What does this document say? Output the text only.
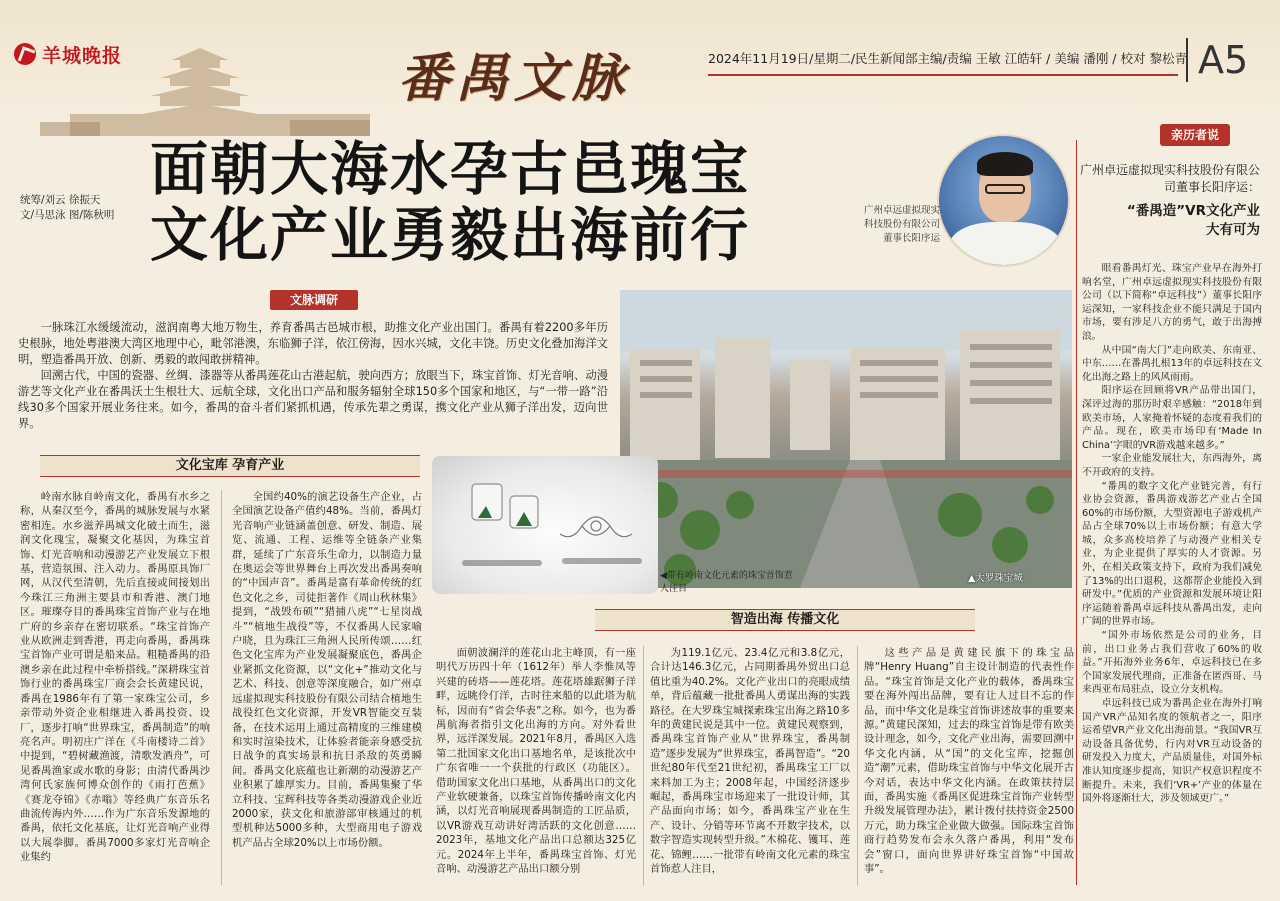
羊城晚报	番禺文脉	2024年11月19日/星期二/民生新闻部主编/责编 王敏 江皓轩 / 美编 潘刚 / 校对 黎松青 A5
面朝大海水孕古邑瑰宝
文化产业勇毅出海前行
统筹/刘云 徐振天
文/马思泳 图/陈秋明	广州卓远虚拟现实科技股份有限公司董事长阳序运
亲历者说
广州卓远虚拟现实科技股份有限公司董事长阳序运：
“番禺造”VR文化产业
大有可为
文脉调研

一脉珠江水缓缓流动，滋润南粤大地万物生，养育番禺古邑城市根，助推文化产业出国门。番禺有着2200多年历史根脉，地处粤港澳大湾区地理中心，毗邻港澳，东临狮子洋，依江傍海，因水兴城，文化丰饶。历史文化叠加海洋文明，塑造番禺开放、创新、勇毅的敢闯敢拼精神。

回溯古代，中国的瓷器、丝绸、漆器等从番禺莲花山古港起航，驶向西方；放眼当下，珠宝首饰、灯光音响、动漫游艺等文化产业在番禺沃土生根壮大、远航全球，文化出口产品和服务辐射全球150多个国家和地区，与“一带一路”沿线30多个国家开展业务往来。如今，番禺的奋斗者们紧抓机遇，传承先辈之勇谋，携文化产业从狮子洋出发，迈向世界。

◀带有岭南文化元素的珠宝首饰惹人注目
▲大罗珠宝城
文化宝库 孕育产业

岭南水脉自岭南文化，番禺有水乡之称，从秦汉至今，番禺的城脉发展与水紧密相连。水乡滋养禺城文化破土而生，滋润文化瑰宝，凝聚文化基因，为珠宝首饰、灯光音响和动漫游艺产业发展立下根基，营造氛围、注入动力。番禺原具饰厂网，从汉代至清朝，先后直接或间接划出今珠江三角洲主要县市和香港、澳门地区。璀璨夺目的番禺珠宝首饰产业与在地广府的乡亲存在密切联系。“珠宝首饰产业从欧洲走到香港，再走向番禺，番禺珠宝首饰产业可谓是船来品。粗糙番禺的沿澳乡亲在此过程中牵桥搭线。”深耕珠宝首饰行业的番禺珠宝厂商会会长黄建民说，番禺在1986年有了第一家珠宝公司，乡亲带动外资企业相继进入番禺投资、设厂，逐步打响“世界珠宝，番禺制造”的响亮名声。明初庄广洋在《斗南楼诗二首》中提到，“碧树藏渔渡，清歌发酒舟”，可见番禺渔家或水歌的身影；由清代番禺沙湾何氏家族何博众创作的《雨打芭蕉》《赛龙夺锦》《赤嗡》等经典广东音乐名曲流传海内外……作为广东音乐发源地的番禺，依托文化基底，让灯光音响产业得以大展拳脚。番禺7000多家灯光音响企业集约

全国约40%的演艺设备生产企业，占全国演艺设备产值约48%。当前，番禺灯光音响产业链涵盖创意、研发、制造、展览、流通、工程、运维等全链条产业集群，延续了广东音乐生命力，以制造力量在奥运会等世界舞台上再次发出番禺奏响的“中国声音”。番禺是富有革命传统的红色文化之乡，司徒拒著作《周山秋林集》提到，“战毁布硕”“猎捕八虎”“七星岗战斗”“植地生战役”等，不仅番禺人民家喻户晓，且为珠江三角洲人民所传颂……红色文化宝库为产业发展凝聚底色，番禺企业紧抓文化资源，以“文化+”推动文化与艺术、科技、创意等深度融合，如广州卓远虚拟现实科技股份有限公司结合植地生战役红色文化资源，开发VR智能交互装备，在技术运用上通过高精度的三维建模和实时渲染技术，让体验者能亲身感受抗日战争的真实场景和抗日杀敌的英勇瞬间。番禺文化底蕴也让新潮的动漫游艺产业积累了雄厚实力。目前，番禺集聚了华立科技、宝辉科技等各类动漫游戏企业近2000家，获文化和旅游部审核通过的机型机种达5000多种，大型商用电子游戏机产品占全球20%以上市场份额。

智造出海 传播文化

面朝波澜洋的莲花山北主峰顶，有一座明代万历四十年（1612年）举人李惟凤等兴建的砖塔——莲花塔。莲花塔雄踞狮子洋畔，远眺伶仃洋，古时往来船的以此塔为航标，因而有“省会华表”之称。如今，也为番禺航海者指引文化出海的方向。对外看世界，远洋深发展。2021年8月，番禺区入选第二批国家文化出口基地名单，是该批次中广东省唯一一个获批的行政区（功能区）。借助国家文化出口基地，从番禺出口的文化产业软硬兼备，以珠宝首饰传播岭南文化内涵，以灯光音响展现番禺制造的工匠品质，以VR游戏互动讲好湾活跃的文化创意……2023年，基地文化产品出口总额达325亿元。2024年上半年，番禺珠宝首饰、灯光音响、动漫游艺产品出口额分别

为119.1亿元、23.4亿元和3.8亿元，合计达146.3亿元，占同期番禺外贸出口总值比重为40.2%。文化产业出口的亮眼成绩单，背后蕴藏一批批番禺人勇谋出海的实践路径。在大罗珠宝城探索珠宝出海之路10多年的黄建民说是其中一位。黄建民观察到，番禺珠宝首饰产业从“世界珠宝，番禺制造”逐步发展为“世界珠宝，番禺智造”。“20世纪80年代至21世纪初，番禺珠宝工厂以来料加工为主；2008年起，中国经济逐步崛起，番禺珠宝市场迎来了一批设计师，其产品面向市场；如今，番禺珠宝产业在生产、设计、分销等环节离不开数字技术，以数字智造实现转型升级。”木棉花、镬耳、莲花、锦鲤……一批带有岭南文化元素的珠宝首饰惹人注目，

这些产品是黄建民旗下的珠宝品牌“Henry Huang”自主设计制造的代表性作品。“珠宝首饰是文化产业的载体，番禺珠宝要在海外闯出品牌，要有让人过目不忘的作品，而中华文化是珠宝首饰讲述故事的重要来源。”黄建民深知，过去的珠宝首饰是带有欧美设计理念，如今，文化产业出海，需要回溯中华文化内涵，从“国”的文化宝库，挖掘创造“潮”元素，借助珠宝首饰与中华文化展开古今对话，表达中华文化内涵。在政策扶持层面，番禺实施《番禺区促进珠宝首饰产业转型升级发展管理办法》，累计拨付扶持资金2500万元，助力珠宝企业做大做强。国际珠宝首饰商行趋势发布会永久落户番禺，利用“发布会”窗口，面向世界讲好珠宝首饰“中国故事”。

眼看番禺灯光、珠宝产业早在海外打响名堂，广州卓远虚拟现实科技股份有限公司（以下简称“卓远科技”）董事长阳序运深知，一家科技企业不能只满足于国内市场，要有涉足八方的勇气，敢于出海搏浪。

从中国“南大门”走向欧美、东南亚、中东……在番禺扎根13年的卓远科技在文化出海之路上的风风雨雨。

阳序运在回顾将VR产品带出国门，深评过海的那历时艰辛感触：“2018年到欧美市场，人家掩着怀疑的态度看我们的产品。现在，欧美市场印有‘Made In China’字眼的VR游戏越来越多。”

一家企业能发展壮大，东西海外，离不开政府的支持。

“番禺的数字文化产业链完善，有行业协会资源，番禺游戏游艺产业占全国60%的市场份额，大型资源电子游戏机产品占全球70%以上市场份额；有意大学城，众多高校培养了与动漫产业相关专业，为企业提供了厚实的人才资源。另外，在相关政策支持下，政府为我们减免了13%的出口退税，这都帮企业能投入到研发中。”优质的产业资源和发展环境让阳序运随着番禺卓远科技从番禺出发，走向广阔的世界市场。

“国外市场依然是公司的业务，目前，出口业务占我们营收了60%的收益。”开拓海外业务6年，卓远科技已在多个国家发展代理商，正准备在匿西哥、马来西亚布局驻点，设立分支机构。

卓远科技已成为番禺企业在海外打响国产VR产品知名度的领航者之一，阳序运希望VR产业文化出海前景。“我国VR互动设备具备优势，行内对VR互动设备的研发投入力度大，产品质量佳，对国外标准认知度逐步提高，知识产权意识程度不断提升。未来，我们‘VR+’产业的体量在国外将逐渐壮大，涉及领域更广。”
